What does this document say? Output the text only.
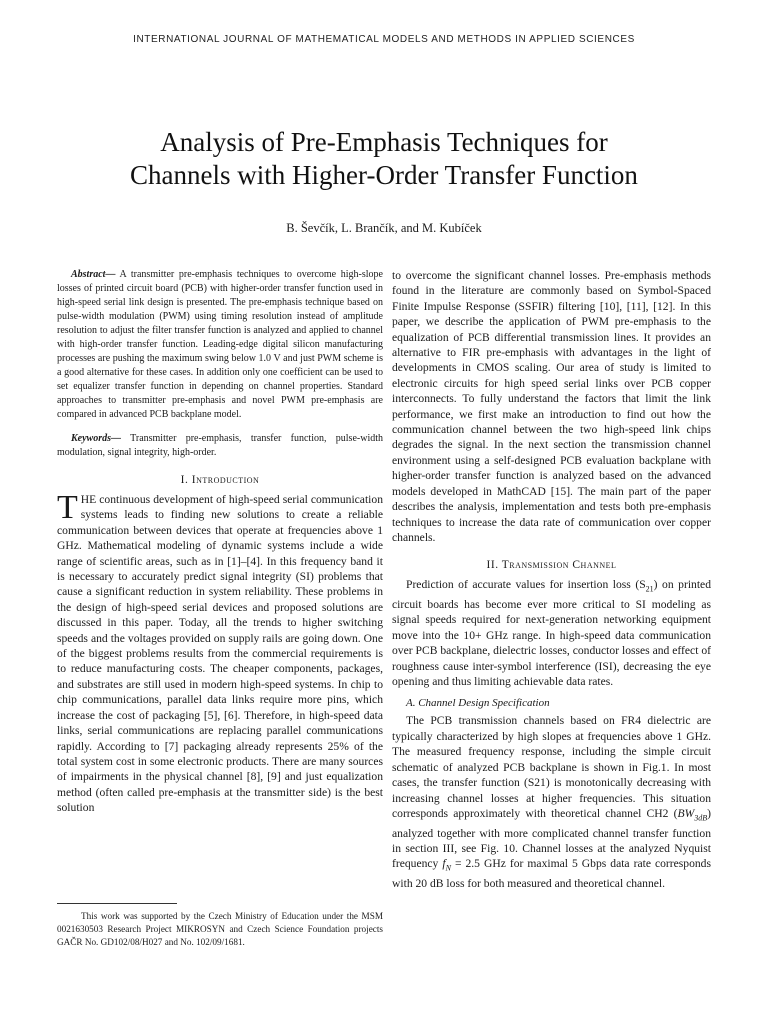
INTERNATIONAL JOURNAL OF MATHEMATICAL MODELS AND METHODS IN APPLIED SCIENCES
Analysis of Pre-Emphasis Techniques for
Channels with Higher-Order Transfer Function
B. Ševčík, L. Brančík, and M. Kubíček

Abstract— A transmitter pre-emphasis techniques to overcome high-slope losses of printed circuit board (PCB) with higher-order transfer function used in high-speed serial link design is presented. The pre-emphasis technique based on pulse-width modulation (PWM) using timing resolution instead of amplitude resolution to adjust the filter transfer function is analyzed and applied to channel with high-order transfer function. Leading-edge digital silicon manufacturing processes are pushing the maximum swing below 1.0 V and just PWM scheme is a good alternative for these cases. In addition only one coefficient can be used to set equalizer transfer function in depending on channel properties. Standard approaches to transmitter pre-emphasis and novel PWM pre-emphasis are compared in advanced PCB backplane model.

Keywords— Transmitter pre-emphasis, transfer function, pulse-width modulation, signal integrity, high-order.

I. Introduction

THE continuous development of high-speed serial communication systems leads to finding new solutions to create a reliable communication between devices that operate at frequencies above 1 GHz. Mathematical modeling of dynamic systems include a wide range of scientific areas, such as in [1]–[4]. In this frequency band it is necessary to accurately predict signal integrity (SI) problems that cause a significant reduction in system reliability. These problems in the design of high-speed serial devices and proposed solutions are discussed in this paper. Today, all the trends to higher switching speeds and the voltages provided on supply rails are going down. One of the biggest problems results from the commercial requirements is to reduce manufacturing costs. The cheaper components, packages, and substrates are still used in modern high-speed systems. In chip to chip communications, parallel data links require more pins, which increase the cost of packaging [5], [6]. Therefore, in high-speed data links, serial communications are replacing parallel communications rapidly. According to [7] packaging already represents 25% of the total system cost in some electronic products. There are many sources of impairments in the physical channel [8], [9] and just equalization method (often called pre-emphasis at the transmitter side) is the best solution

to overcome the significant channel losses. Pre-emphasis methods found in the literature are commonly based on Symbol-Spaced Finite Impulse Response (SSFIR) filtering [10], [11], [12]. In this paper, we describe the application of PWM pre-emphasis to the equalization of PCB differential transmission lines. It provides an alternative to FIR pre-emphasis with advantages in the light of developments in CMOS scaling. Our area of study is limited to electronic circuits for high speed serial links over PCB copper interconnects. To fully understand the factors that limit the link performance, we first make an introduction to find out how the communication channel between the two high-speed link chips degrades the signal. In the next section the transmission channel environment using a self-designed PCB evaluation backplane with higher-order transfer function is analyzed based on the advanced models developed in MathCAD [15]. The main part of the paper describes the analysis, implementation and tests both pre-emphasis techniques to increase the data rate of communication over copper channels.

II. Transmission Channel

Prediction of accurate values for insertion loss $(S_{21})$ on printed circuit boards has become ever more critical to SI modeling as signal speeds required for next-generation networking equipment move into the 10+ GHz range. In high-speed data communication over PCB backplane, dielectric losses, conductor losses and effect of roughness cause inter-symbol interference (ISI), decreasing the eye opening and thus limiting achievable data rates.

A. Channel Design Specification

The PCB transmission channels based on FR4 dielectric are typically characterized by high slopes at frequencies above 1 GHz. The measured frequency response, including the simple circuit schematic of analyzed PCB backplane is shown in Fig.1. In most cases, the transfer function (S21) is monotonically decreasing with increasing channel losses at higher frequencies. This situation corresponds approximately with theoretical channel CH2 $(BW_{3dB})$ analyzed together with more complicated channel transfer function in section III, see Fig. 10. Channel losses at the analyzed Nyquist frequency $f_N = 2.5$ GHz for maximal 5 Gbps data rate corresponds with 20 dB loss for both measured and theoretical channel.

This work was supported by the Czech Ministry of Education under the MSM 0021630503 Research Project MIKROSYN and Czech Science Foundation projects GAČR No. GD102/08/H027 and No. 102/09/1681.
